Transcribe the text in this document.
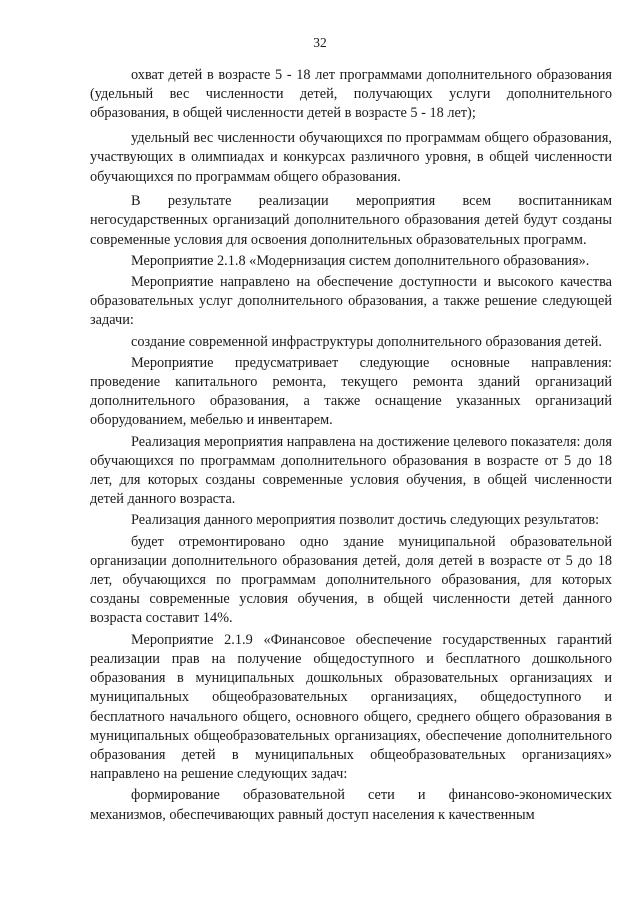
32

охват детей в возрасте 5 - 18 лет программами дополнительного образования (удельный вес численности детей, получающих услуги дополнительного образования, в общей численности детей в возрасте 5 - 18 лет);

удельный вес численности обучающихся по программам общего образования, участвующих в олимпиадах и конкурсах различного уровня, в общей численности обучающихся по программам общего образования.

В результате реализации мероприятия всем воспитанникам негосударственных организаций дополнительного образования детей будут созданы современные условия для освоения дополнительных образовательных программ.

Мероприятие 2.1.8 «Модернизация систем дополнительного образования».

Мероприятие направлено на обеспечение доступности и высокого качества образовательных услуг дополнительного образования, а также решение следующей задачи:

создание современной инфраструктуры дополнительного образования детей.

Мероприятие предусматривает следующие основные направления: проведение капитального ремонта, текущего ремонта зданий организаций дополнительного образования, а также оснащение указанных организаций оборудованием, мебелью и инвентарем.

Реализация мероприятия направлена на достижение целевого показателя: доля обучающихся по программам дополнительного образования в возрасте от 5 до 18 лет, для которых созданы современные условия обучения, в общей численности детей данного возраста.

Реализация данного мероприятия позволит достичь следующих результатов:

будет отремонтировано одно здание муниципальной образовательной организации дополнительного образования детей, доля детей в возрасте от 5 до 18 лет, обучающихся по программам дополнительного образования, для которых созданы современные условия обучения, в общей численности детей данного возраста составит 14%.

Мероприятие 2.1.9 «Финансовое обеспечение государственных гарантий реализации прав на получение общедоступного и бесплатного дошкольного образования в муниципальных дошкольных образовательных организациях и муниципальных общеобразовательных организациях, общедоступного и бесплатного начального общего, основного общего, среднего общего образования в муниципальных общеобразовательных организациях, обеспечение дополнительного образования детей в муниципальных общеобразовательных организациях» направлено на решение следующих задач:

формирование образовательной сети и финансово-экономических механизмов, обеспечивающих равный доступ населения к качественным
